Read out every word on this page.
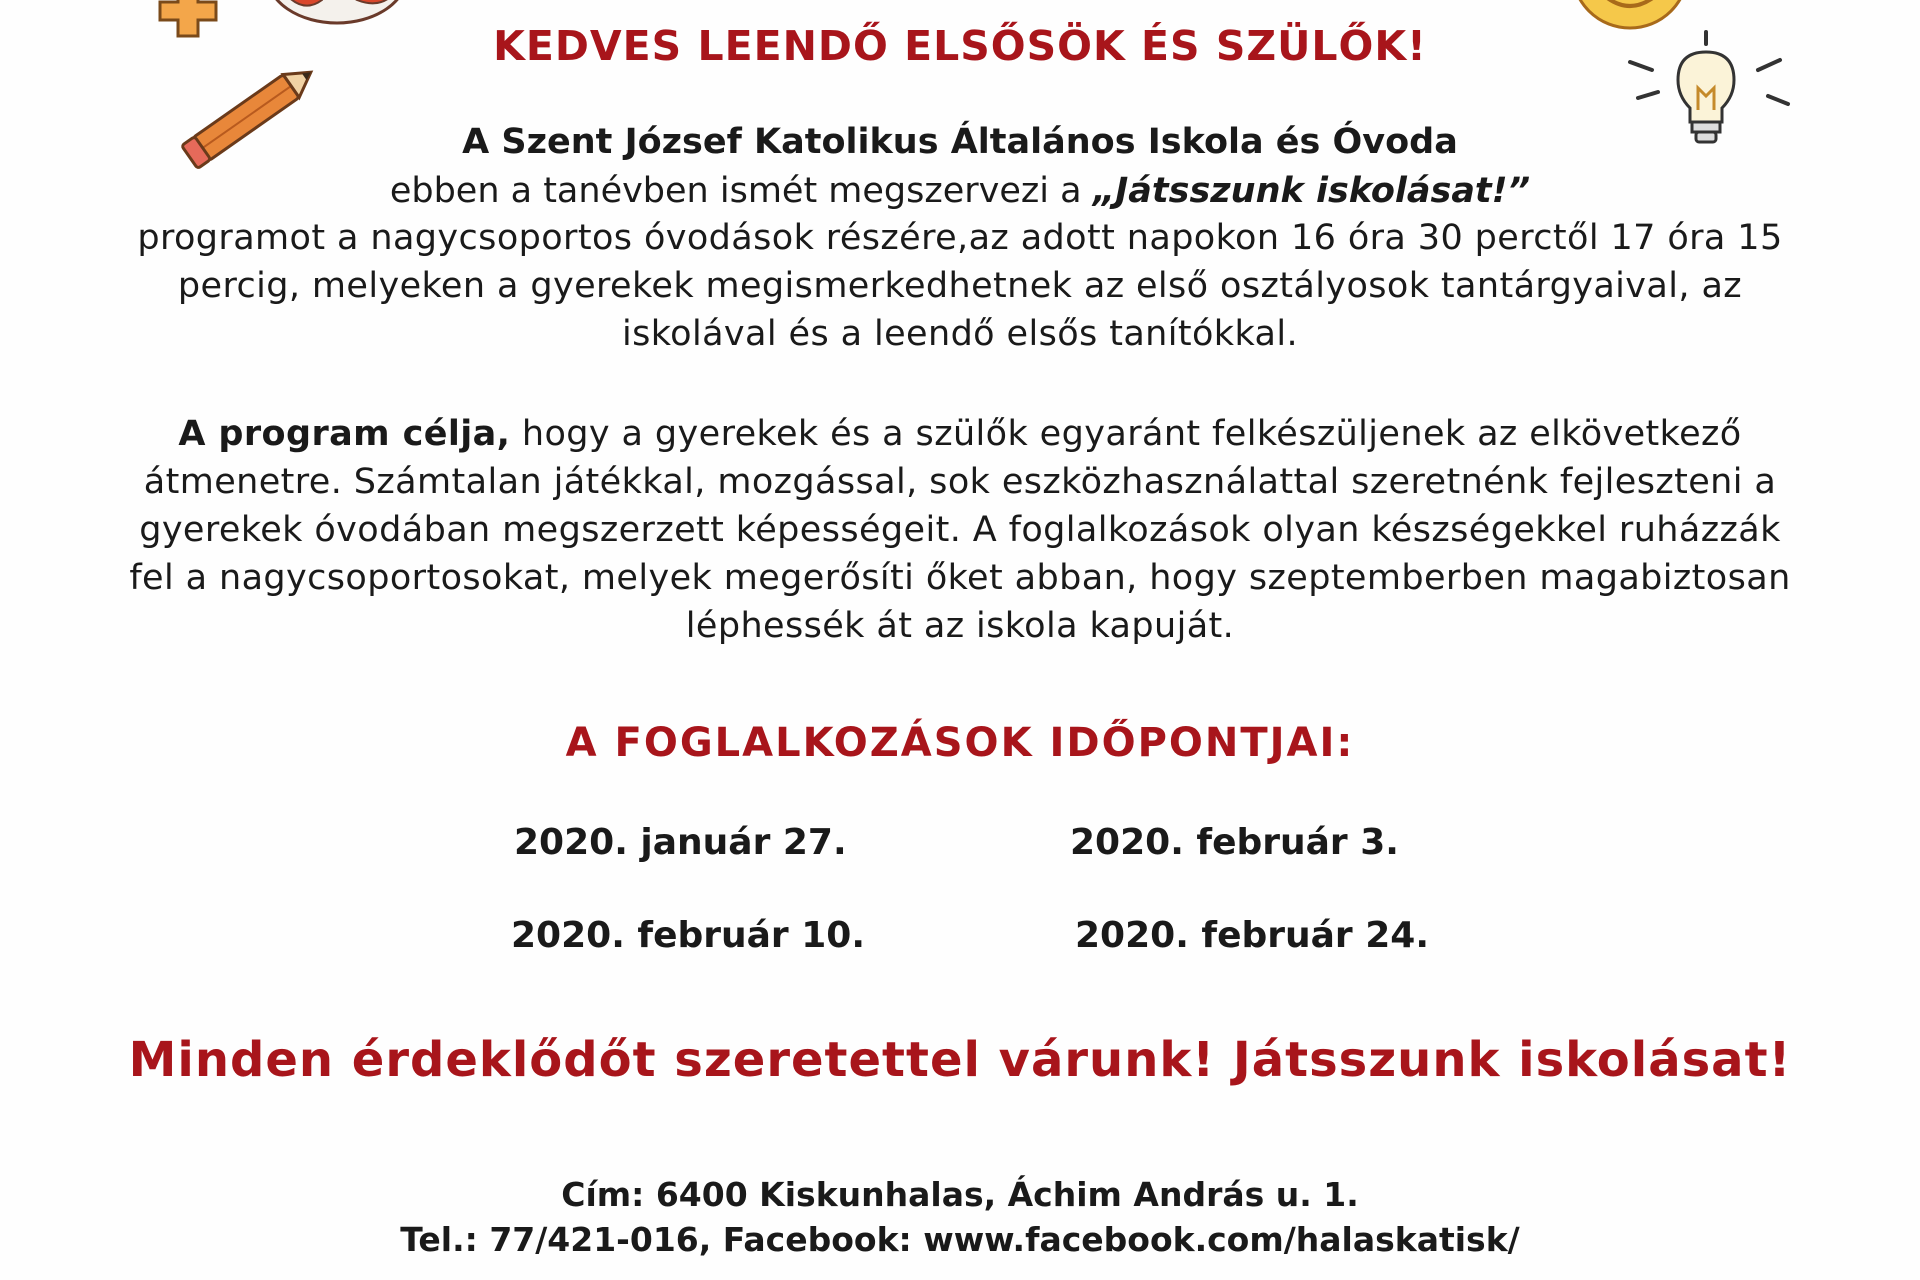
KEDVES LEENDŐ ELSŐSÖK ÉS SZÜLŐK!
A Szent József Katolikus Általános Iskola és Óvoda
ebben a tanévben ismét megszervezi a „Játsszunk iskolásat!”
programot a nagycsoportos óvodások részére,az adott napokon 16 óra 30 perctől 17 óra 15 percig, melyeken a gyerekek megismerkedhetnek az első osztályosok tantárgyaival, az iskolával és a leendő elsős tanítókkal.
A program célja, hogy a gyerekek és a szülők egyaránt felkészüljenek az elkövetkező átmenetre. Számtalan játékkal, mozgással, sok eszközhasználattal szeretnénk fejleszteni a gyerekek óvodában megszerzett képességeit. A foglalkozások olyan készségekkel ruházzák fel a nagycsoportosokat, melyek megerősíti őket abban, hogy szeptemberben magabiztosan léphessék át az iskola kapuját.
A FOGLALKOZÁSOK IDŐPONTJAI:
2020. január 27.	2020. február 3.
2020. február 10.	2020. február 24.
Minden érdeklődőt szeretettel várunk! Játsszunk iskolásat!
Cím: 6400 Kiskunhalas, Áchim András u. 1.
Tel.: 77/421-016, Facebook: www.facebook.com/halaskatisk/
